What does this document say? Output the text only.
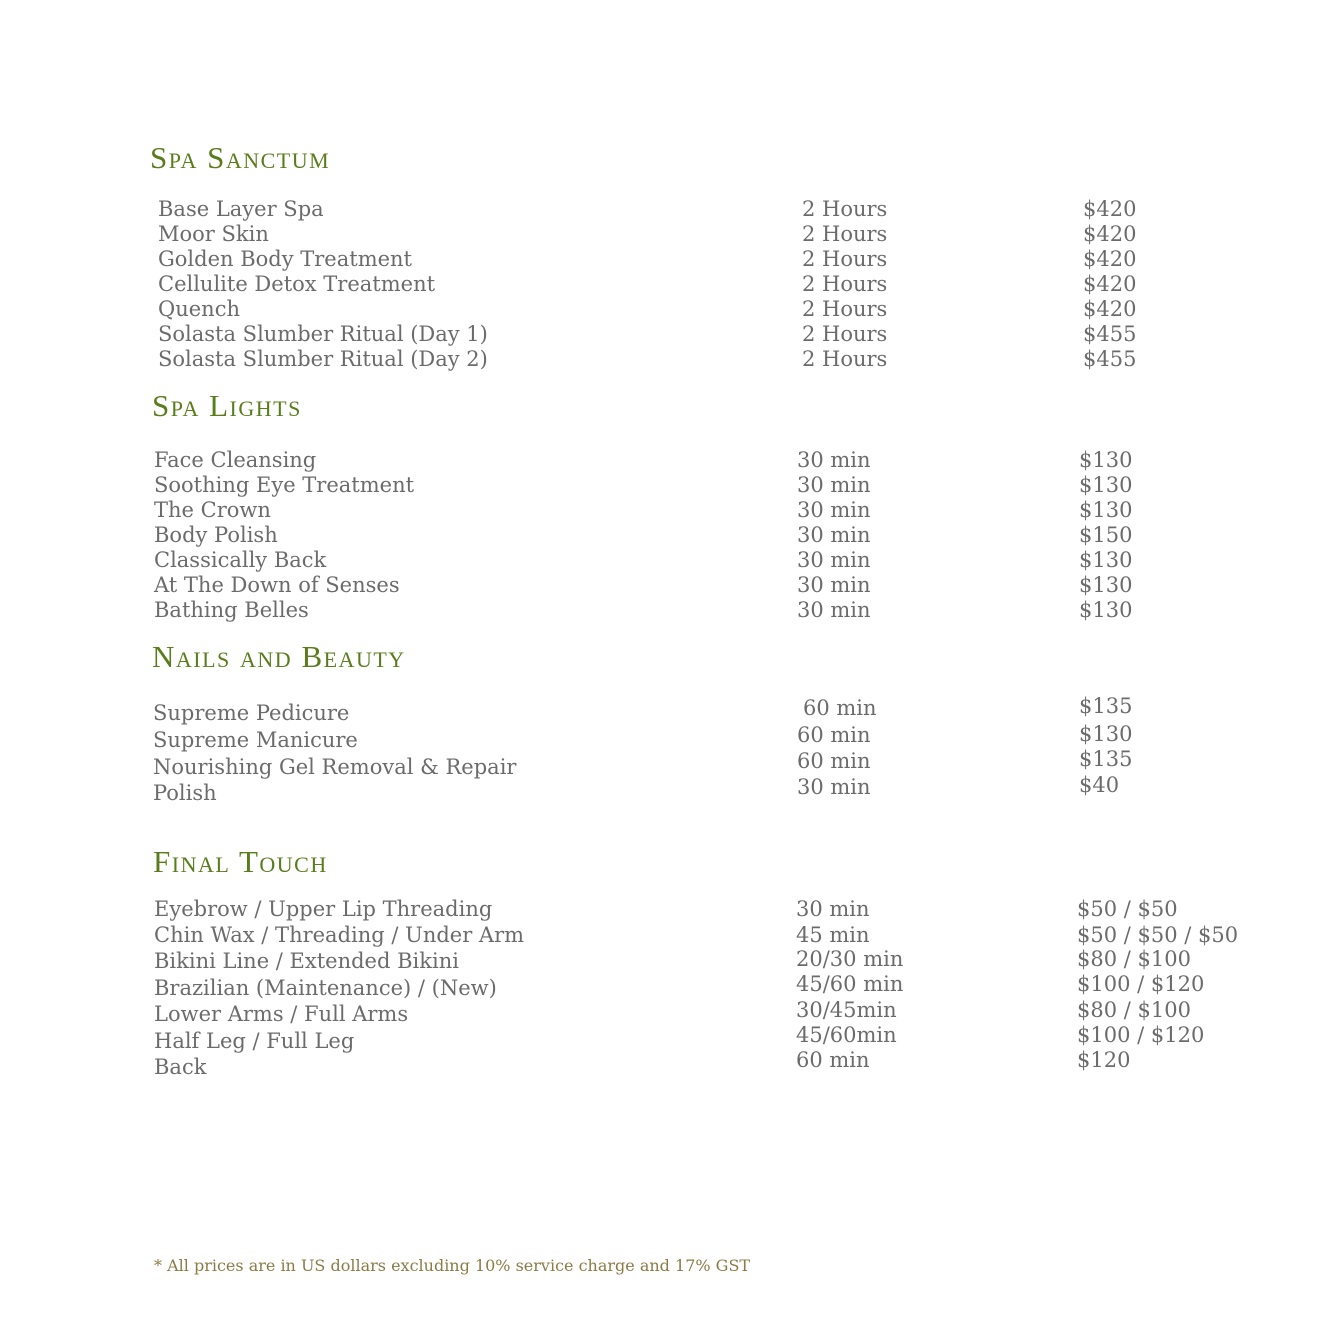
Spa Sanctum
Base Layer Spa	2 Hours	$420
Moor Skin	2 Hours	$420
Golden Body Treatment	2 Hours	$420
Cellulite Detox Treatment	2 Hours	$420
Quench	2 Hours	$420
Solasta Slumber Ritual (Day 1)	2 Hours	$455
Solasta Slumber Ritual (Day 2)	2 Hours	$455
Spa Lights
Face Cleansing	30 min	$130
Soothing Eye Treatment	30 min	$130
The Crown	30 min	$130
Body Polish	30 min	$150
Classically Back	30 min	$130
At The Down of Senses	30 min	$130
Bathing Belles	30 min	$130
Nails and Beauty
Supreme Pedicure	60 min	$135
Supreme Manicure	60 min	$130
Nourishing Gel Removal & Repair	60 min	$135
Polish	30 min	$40
Final Touch
Eyebrow / Upper Lip Threading	30 min	$50 / $50
Chin Wax / Threading / Under Arm	45 min	$50 / $50 / $50
Bikini Line / Extended Bikini	20/30 min	$80 / $100
Brazilian (Maintenance) / (New)	45/60 min	$100 / $120
Lower Arms / Full Arms	30/45min	$80 / $100
Half Leg / Full Leg	45/60min	$100 / $120
Back	60 min	$120
* All prices are in US dollars excluding 10% service charge and 17% GST
